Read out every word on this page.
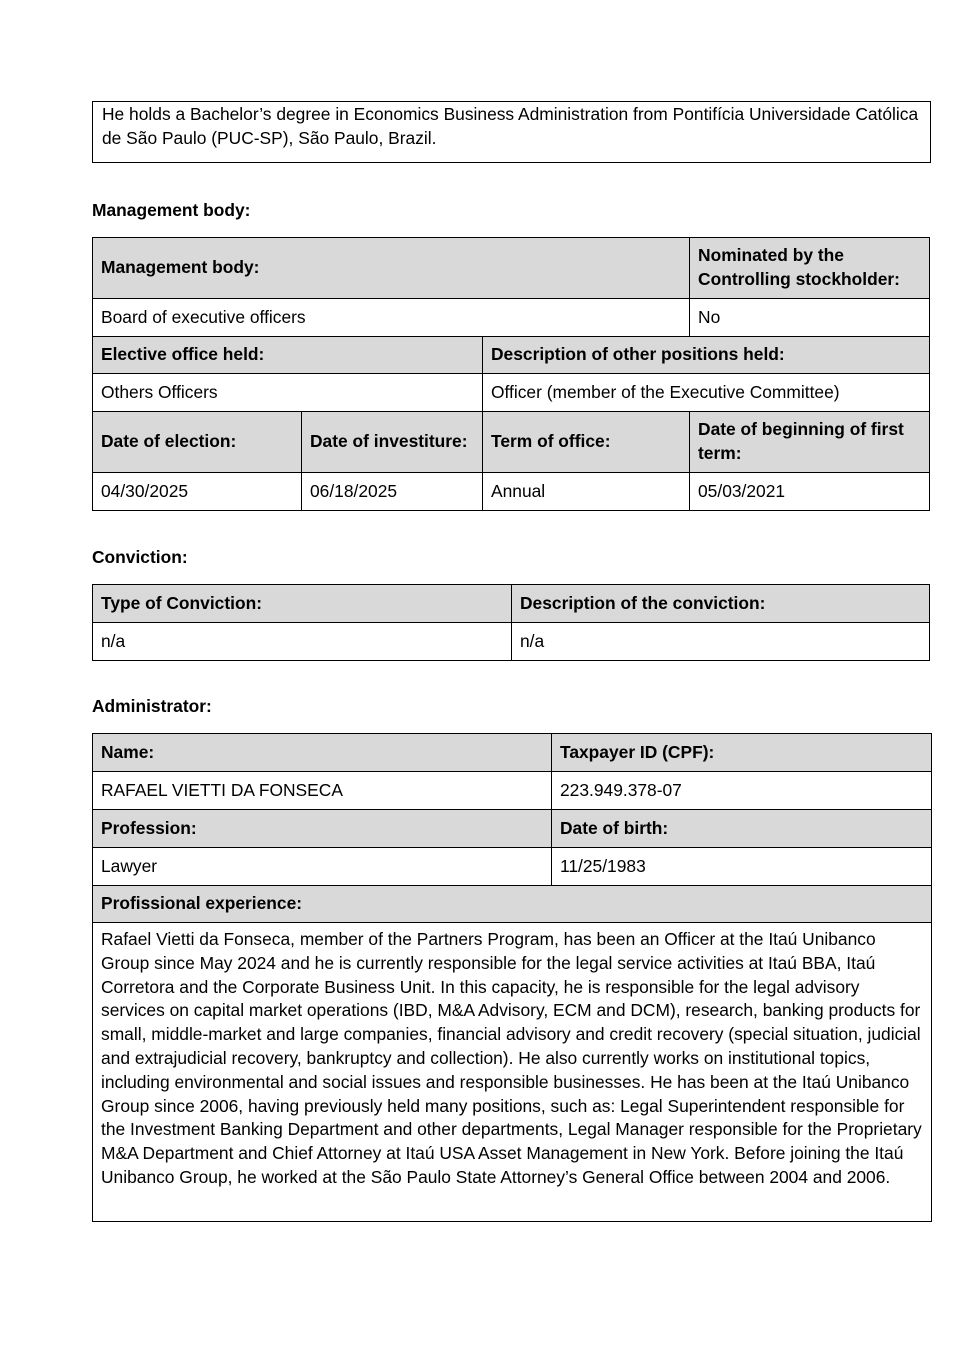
He holds a Bachelor’s degree in Economics Business Administration from Pontifícia Universidade Católica de São Paulo (PUC-SP), São Paulo, Brazil.

Management body:

Management body:			Nominated by the Controlling stockholder:
Board of executive officers			No
Elective office held:		Description of other positions held:	
Others Officers		Officer (member of the Executive Committee)	
Date of election:	Date of investiture:	Term of office:	Date of beginning of first term:
04/30/2025	06/18/2025	Annual	05/03/2021

Conviction:

Type of Conviction:	Description of the conviction:
n/a	n/a

Administrator:

Name:	Taxpayer ID (CPF):
RAFAEL VIETTI DA FONSECA	223.949.378-07
Profession:	Date of birth:
Lawyer	11/25/1983
Profissional experience:	
Rafael Vietti da Fonseca, member of the Partners Program, has been an Officer at the Itaú Unibanco Group since May 2024 and he is currently responsible for the legal service activities at Itaú BBA, Itaú Corretora and the Corporate Business Unit. In this capacity, he is responsible for the legal advisory services on capital market operations (IBD, M&A Advisory, ECM and DCM), research, banking products for small, middle-market and large companies, financial advisory and credit recovery (special situation, judicial and extrajudicial recovery, bankruptcy and collection). He also currently works on institutional topics, including environmental and social issues and responsible businesses. He has been at the Itaú Unibanco Group since 2006, having previously held many positions, such as: Legal Superintendent responsible for the Investment Banking Department and other departments, Legal Manager responsible for the Proprietary M&A Department and Chief Attorney at Itaú USA Asset Management in New York. Before joining the Itaú Unibanco Group, he worked at the São Paulo State Attorney’s General Office between 2004 and 2006.	
